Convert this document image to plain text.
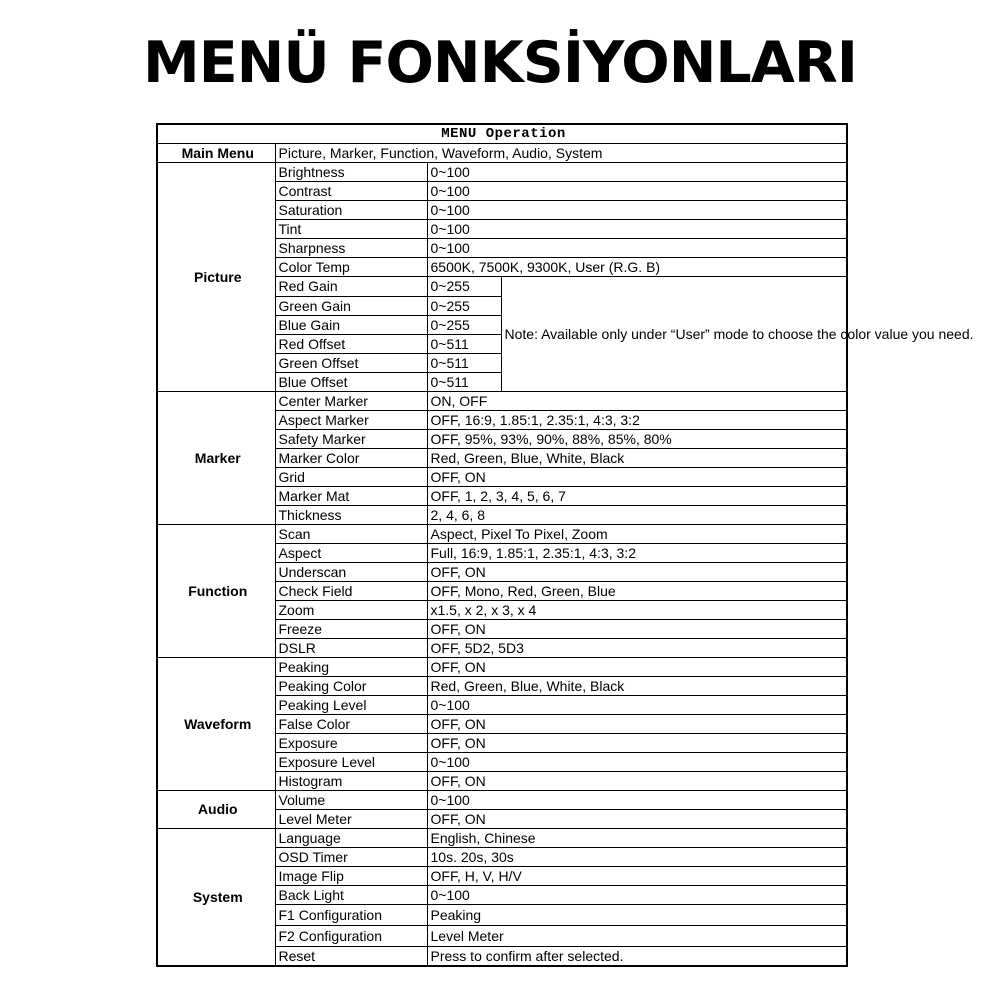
MENÜ FONKSİYONLARI
MENU Operation			
Main Menu	Picture, Marker, Function, Waveform, Audio, System		
Picture	Brightness	0~100	
	Contrast	0~100	
	Saturation	0~100	
	Tint	0~100	
	Sharpness	0~100	
	Color Temp	6500K, 7500K, 9300K, User (R.G. B)	
	Red Gain	0~255	Note: Available only under “User” mode to choose the color value you need.
	Green Gain	0~255	
	Blue Gain	0~255	
	Red Offset	0~511	
	Green Offset	0~511	
	Blue Offset	0~511	
Marker	Center Marker	ON, OFF	
	Aspect Marker	OFF, 16:9, 1.85:1, 2.35:1, 4:3, 3:2	
	Safety Marker	OFF, 95%, 93%, 90%, 88%, 85%, 80%	
	Marker Color	Red, Green, Blue, White, Black	
	Grid	OFF, ON	
	Marker Mat	OFF, 1, 2, 3, 4, 5, 6, 7	
	Thickness	2, 4, 6, 8	
Function	Scan	Aspect, Pixel To Pixel, Zoom	
	Aspect	Full, 16:9, 1.85:1, 2.35:1, 4:3, 3:2	
	Underscan	OFF, ON	
	Check Field	OFF, Mono, Red, Green, Blue	
	Zoom	x1.5, x 2, x 3, x 4	
	Freeze	OFF, ON	
	DSLR	OFF, 5D2, 5D3	
Waveform	Peaking	OFF, ON	
	Peaking Color	Red, Green, Blue, White, Black	
	Peaking Level	0~100	
	False Color	OFF, ON	
	Exposure	OFF, ON	
	Exposure Level	0~100	
	Histogram	OFF, ON	
Audio	Volume	0~100	
	Level Meter	OFF, ON	
System	Language	English, Chinese	
	OSD Timer	10s. 20s, 30s	
	Image Flip	OFF, H, V, H/V	
	Back Light	0~100	
	F1 Configuration	Peaking	
	F2 Configuration	Level Meter	
	Reset	Press to confirm after selected.	
